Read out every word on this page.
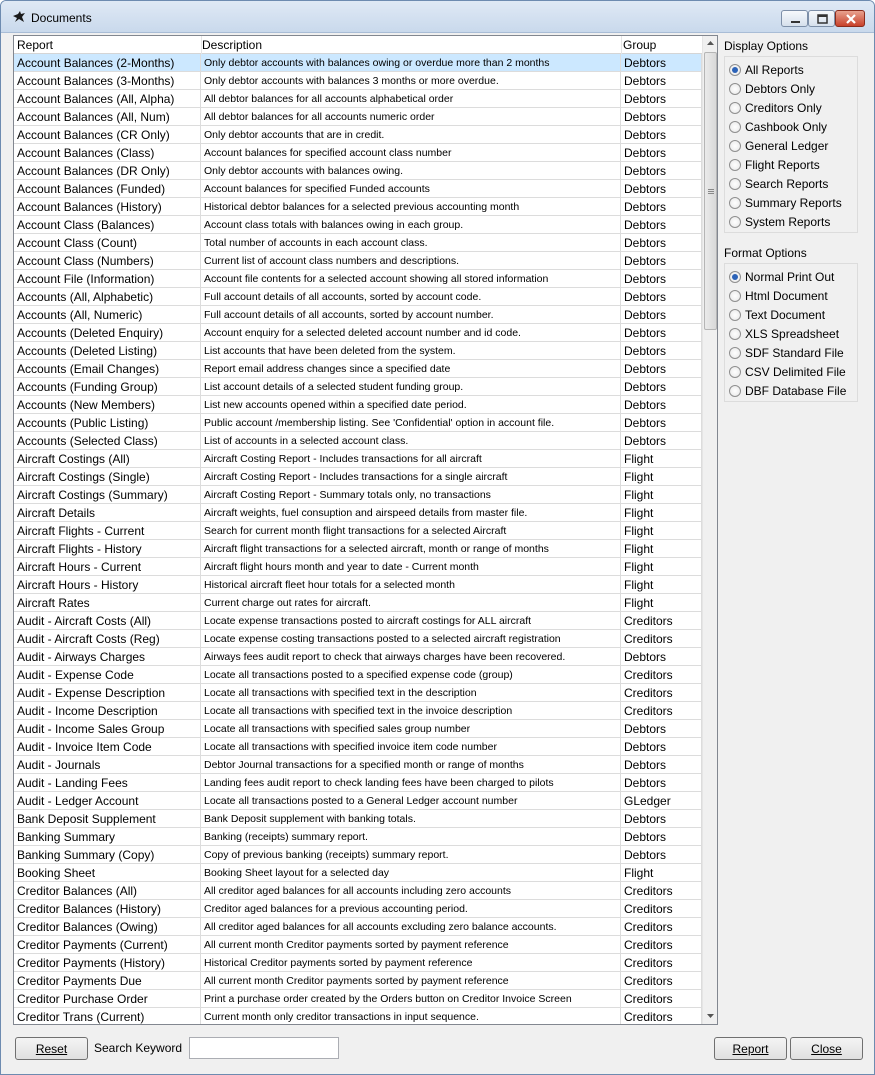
Documents
Report	Description	Group
Account Balances (2-Months)	Only debtor accounts with balances owing or overdue more than 2 months	Debtors
Account Balances (3-Months)	Only debtor accounts with balances 3 months or more overdue.	Debtors
Account Balances (All, Alpha)	All debtor balances for all accounts alphabetical order	Debtors
Account Balances (All, Num)	All debtor balances for all accounts numeric order	Debtors
Account Balances (CR Only)	Only debtor accounts that are in credit.	Debtors
Account Balances (Class)	Account balances for specified account class number	Debtors
Account Balances (DR Only)	Only debtor accounts with balances owing.	Debtors
Account Balances (Funded)	Account balances for specified Funded accounts	Debtors
Account Balances (History)	Historical debtor balances for a selected previous accounting month	Debtors
Account Class (Balances)	Account class totals with balances owing in each group.	Debtors
Account Class (Count)	Total number of accounts in each account class.	Debtors
Account Class (Numbers)	Current list of account class numbers and descriptions.	Debtors
Account File (Information)	Account file contents for a selected account showing all stored information	Debtors
Accounts (All, Alphabetic)	Full account details of all accounts, sorted by account code.	Debtors
Accounts (All, Numeric)	Full account details of all accounts, sorted by account number.	Debtors
Accounts (Deleted Enquiry)	Account enquiry for a selected deleted account number and id code.	Debtors
Accounts (Deleted Listing)	List accounts that have been deleted from the system.	Debtors
Accounts (Email Changes)	Report email address changes since a specified date	Debtors
Accounts (Funding Group)	List account details of a selected student funding group.	Debtors
Accounts (New Members)	List new accounts opened within a specified date period.	Debtors
Accounts (Public Listing)	Public account /membership listing. See 'Confidential' option in account file.	Debtors
Accounts (Selected Class)	List of accounts in a selected account class.	Debtors
Aircraft Costings (All)	Aircraft Costing Report - Includes transactions for all aircraft	Flight
Aircraft Costings (Single)	Aircraft Costing Report - Includes transactions for a single aircraft	Flight
Aircraft Costings (Summary)	Aircraft Costing Report - Summary totals only, no transactions	Flight
Aircraft Details	Aircraft weights, fuel consuption and airspeed details from master file.	Flight
Aircraft Flights - Current	Search for current month flight transactions for a selected Aircraft	Flight
Aircraft Flights - History	Aircraft flight transactions for a selected aircraft, month or range of months	Flight
Aircraft Hours - Current	Aircraft flight hours month and year to date - Current month	Flight
Aircraft Hours - History	Historical aircraft fleet hour totals for a selected month	Flight
Aircraft Rates	Current charge out rates for aircraft.	Flight
Audit - Aircraft Costs (All)	Locate expense transactions posted to aircraft costings for ALL aircraft	Creditors
Audit - Aircraft Costs (Reg)	Locate expense costing transactions posted to a selected aircraft registration	Creditors
Audit - Airways Charges	Airways fees audit report to check that airways charges have been recovered.	Debtors
Audit - Expense Code	Locate all transactions posted to a specified expense code (group)	Creditors
Audit - Expense Description	Locate all transactions with specified text in the description	Creditors
Audit - Income Description	Locate all transactions with specified text in the invoice description	Creditors
Audit - Income Sales Group	Locate all transactions with specified sales group number	Debtors
Audit - Invoice Item Code	Locate all transactions with specified invoice item code number	Debtors
Audit - Journals	Debtor Journal transactions for a specified month or range of months	Debtors
Audit - Landing Fees	Landing fees audit report to check landing fees have been charged to pilots	Debtors
Audit - Ledger Account	Locate all transactions posted to a General Ledger account number	GLedger
Bank Deposit Supplement	Bank Deposit supplement with banking totals.	Debtors
Banking Summary	Banking (receipts) summary report.	Debtors
Banking Summary (Copy)	Copy of previous banking (receipts) summary report.	Debtors
Booking Sheet	Booking Sheet layout for a selected day	Flight
Creditor Balances (All)	All creditor aged balances for all accounts including zero accounts	Creditors
Creditor Balances (History)	Creditor aged balances for a previous accounting period.	Creditors
Creditor Balances (Owing)	All creditor aged balances for all accounts excluding zero balance accounts.	Creditors
Creditor Payments (Current)	All current month Creditor payments sorted by payment reference	Creditors
Creditor Payments (History)	Historical Creditor payments sorted by payment reference	Creditors
Creditor Payments Due	All current month Creditor payments sorted by payment reference	Creditors
Creditor Purchase Order	Print a purchase order created by the Orders button on Creditor Invoice Screen	Creditors
Creditor Trans (Current)	Current month only creditor transactions in input sequence.	Creditors
Display Options
All Reports
Debtors Only
Creditors Only
Cashbook Only
General Ledger
Flight Reports
Search Reports
Summary Reports
System Reports
Format Options
Normal Print Out
Html Document
Text Document
XLS Spreadsheet
SDF Standard File
CSV Delimited File
DBF Database File
Reset	Search Keyword	Report	Close
